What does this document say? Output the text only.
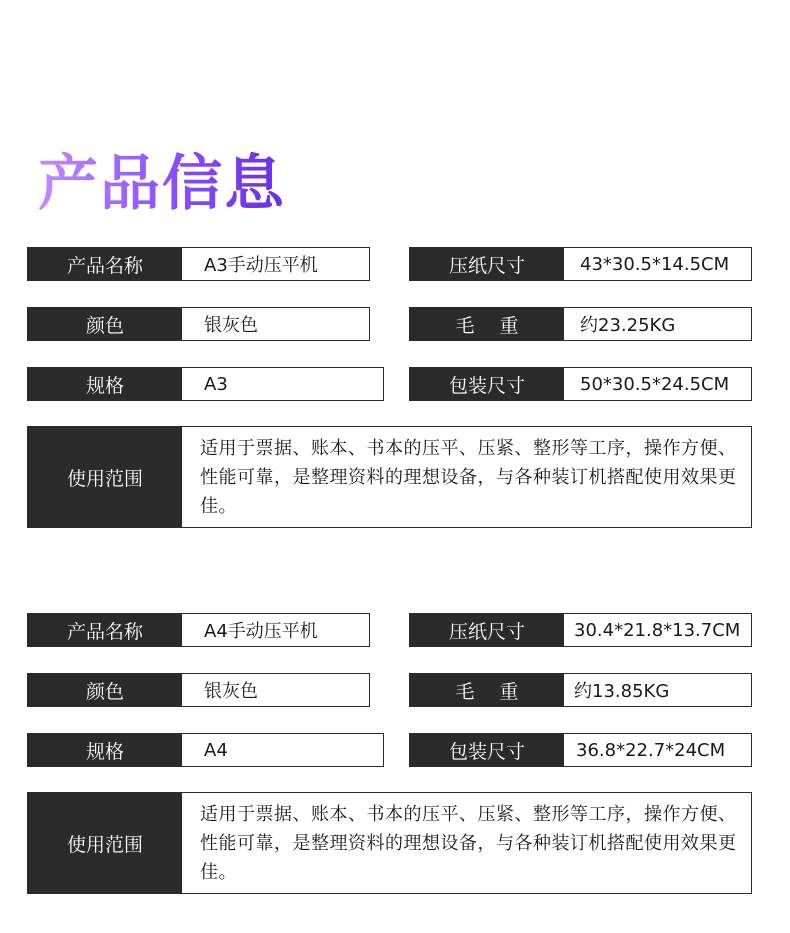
产品信息
产品名称	A3手动压平机	压纸尺寸	43*30.5*14.5CM
颜色	银灰色	毛　 重	约23.25KG
规格	A3	包装尺寸	50*30.5*24.5CM
使用范围
适用于票据、账本、书本的压平、压紧、整形等工序，操作方便、性能可靠，是整理资料的理想设备，与各种装订机搭配使用效果更佳。
产品名称	A4手动压平机	压纸尺寸	30.4*21.8*13.7CM
颜色	银灰色	毛　 重	约13.85KG
规格	A4	包装尺寸	36.8*22.7*24CM
使用范围
适用于票据、账本、书本的压平、压紧、整形等工序，操作方便、性能可靠，是整理资料的理想设备，与各种装订机搭配使用效果更佳。
